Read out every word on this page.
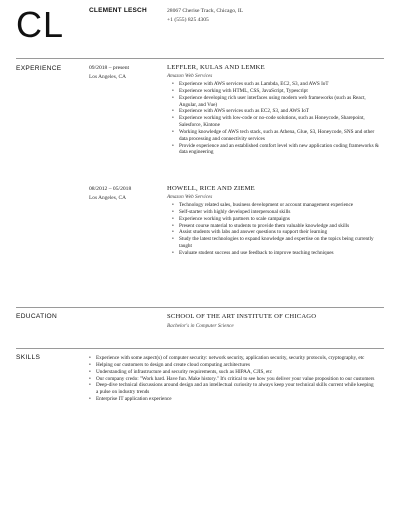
CL	CLEMENT LESCH	28067 Cherise Track, Chicago, IL
+1 (555) 825 4305
EXPERIENCE	09/2018 – present
Los Angeles, CA
LEFFLER, KULAS AND LEMKE
Amazon Web Services
• Experience with AWS services such as Lambda, EC2, S3, and AWS IoT
• Experience working with HTML, CSS, JavaScript, Typescript
• Experience developing rich user interfaces using modern web frameworks (such as React, Angular, and Vue)
• Experience with AWS services such as EC2, S3, and AWS IoT
• Experience working with low-code or no-code solutions, such as Honeycode, Sharepoint, Salesforce, Kintone
• Working knowledge of AWS tech stack, such as Athena, Glue, S3, Honeycode, SNS and other data processing and connectivity services
• Provide experience and an established comfort level with new application coding frameworks & data engineering
08/2012 – 05/2018
Los Angeles, CA
HOWELL, RICE AND ZIEME
Amazon Web Services
• Technology related sales, business development or account management experience
• Self-starter with highly developed interpersonal skills
• Experience working with partners to scale campaigns
• Present course material to students to provide them valuable knowledge and skills
• Assist students with labs and answer questions to support their learning
• Study the latest technologies to expand knowledge and expertise on the topics being currently taught
• Evaluate student success and use feedback to improve teaching techniques
EDUCATION	SCHOOL OF THE ART INSTITUTE OF CHICAGO
Bachelor's in Computer Science
SKILLS
•	Experience with some aspect(s) of computer security: network security, application security, security protocols, cryptography, etc
• Helping our customers to design and create cloud computing architectures
• Understanding of infrastructure and security requirements, such as HIPAA, CJIS, etc
• Our company credo: "Work hard. Have fun. Make history." It's critical to see how you deliver your value proposition to our customers
• Deep-dive technical discussions around design and an intellectual curiosity to always keep your technical skills current while keeping a pulse on industry trends
• Enterprise IT application experience
